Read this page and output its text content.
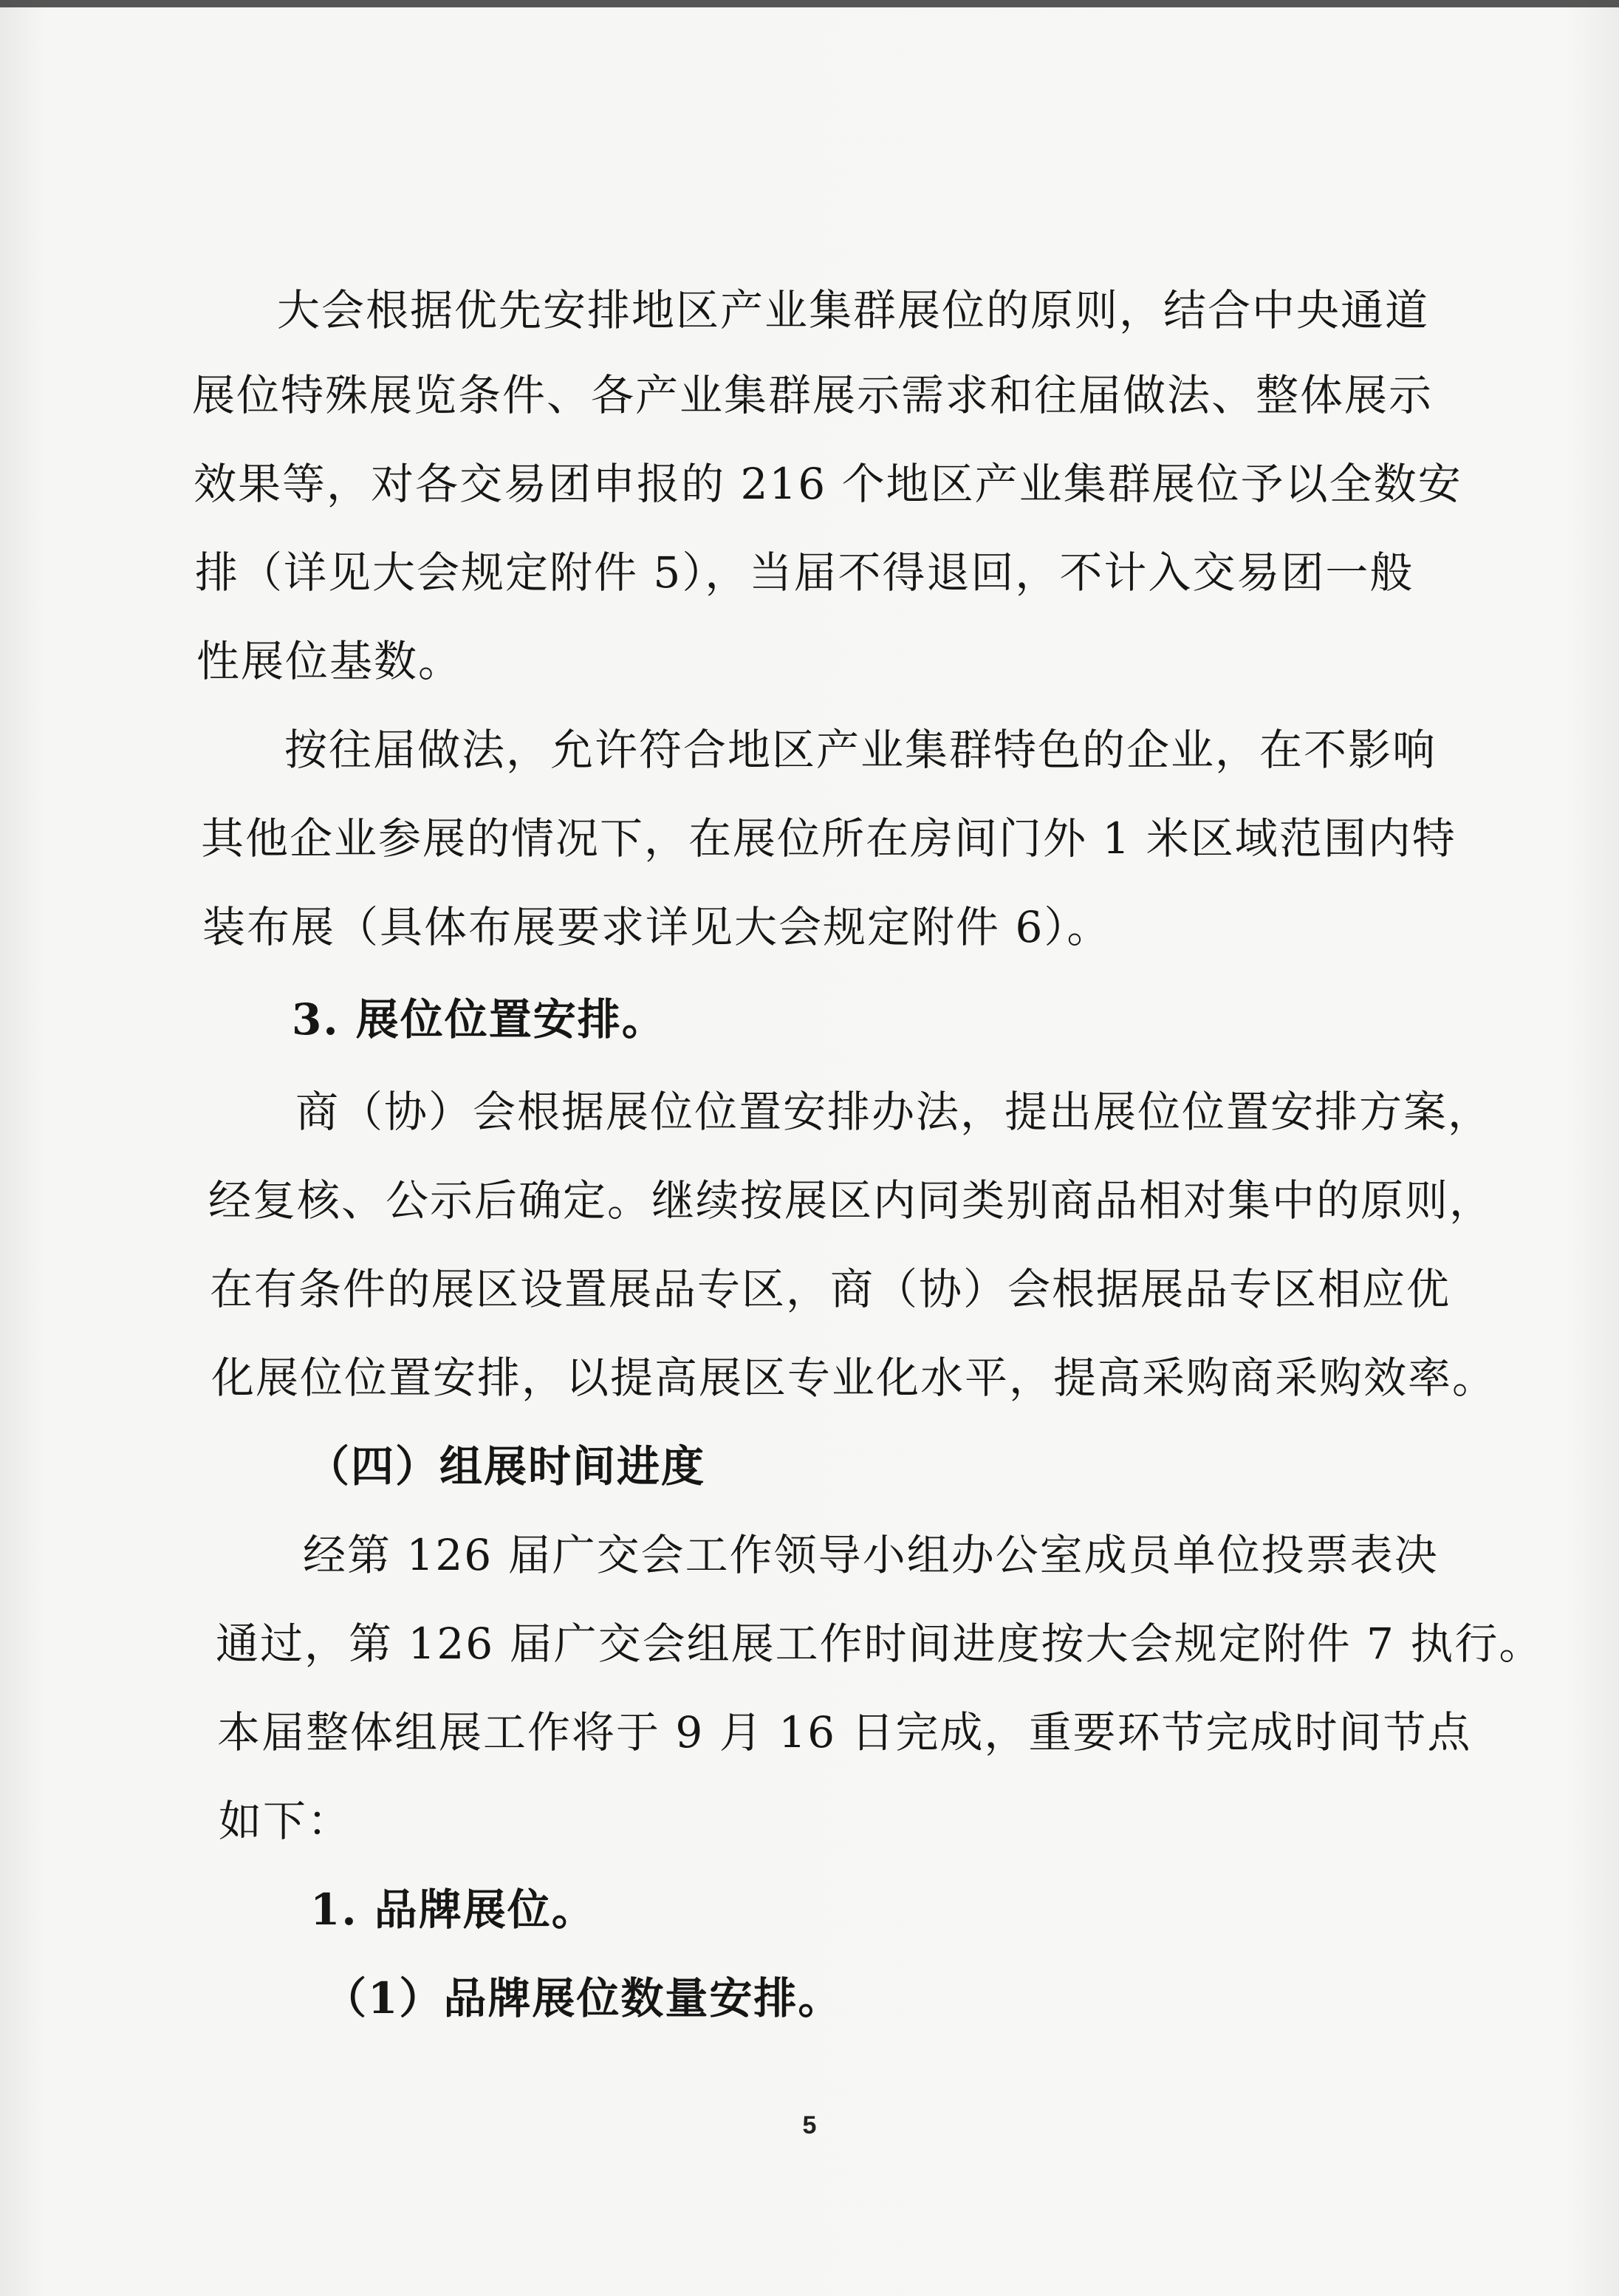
大会根据优先安排地区产业集群展位的原则，结合中央通道
展位特殊展览条件、各产业集群展示需求和往届做法、整体展示
效果等，对各交易团申报的 216 个地区产业集群展位予以全数安
排（详见大会规定附件 5），当届不得退回，不计入交易团一般
性展位基数。
按往届做法，允许符合地区产业集群特色的企业，在不影响
其他企业参展的情况下，在展位所在房间门外 1 米区域范围内特
装布展（具体布展要求详见大会规定附件 6）。
3. 展位位置安排。
商（协）会根据展位位置安排办法，提出展位位置安排方案，
经复核、公示后确定。继续按展区内同类别商品相对集中的原则，
在有条件的展区设置展品专区，商（协）会根据展品专区相应优
化展位位置安排，以提高展区专业化水平，提高采购商采购效率。
（四）组展时间进度
经第 126 届广交会工作领导小组办公室成员单位投票表决
通过，第 126 届广交会组展工作时间进度按大会规定附件 7 执行。
本届整体组展工作将于 9 月 16 日完成，重要环节完成时间节点
如下：
1. 品牌展位。
（1）品牌展位数量安排。
5
